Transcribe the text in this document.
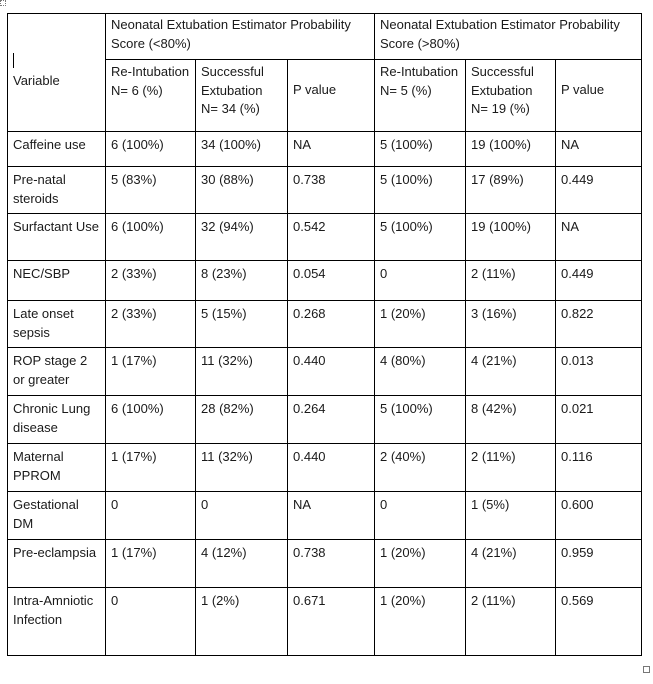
Variable	Neonatal Extubation Estimator Probability Score (<80%)			Neonatal Extubation Estimator Probability Score (>80%)		
	Re-Intubation N= 6 (%)	Successful Extubation N= 34 (%)	P value	Re-Intubation N= 5 (%)	Successful Extubation N= 19 (%)	P value

Caffeine use	6 (100%)	34 (100%)	NA	5 (100%)	19 (100%)	NA
Pre-natal steroids	5 (83%)	30 (88%)	0.738	5 (100%)	17 (89%)	0.449
Surfactant Use	6 (100%)	32 (94%)	0.542	5 (100%)	19 (100%)	NA
NEC/SBP	2 (33%)	8 (23%)	0.054	0	2 (11%)	0.449
Late onset sepsis	2 (33%)	5 (15%)	0.268	1 (20%)	3 (16%)	0.822
ROP stage 2 or greater	1 (17%)	11 (32%)	0.440	4 (80%)	4 (21%)	0.013
Chronic Lung disease	6 (100%)	28 (82%)	0.264	5 (100%)	8 (42%)	0.021
Maternal PPROM	1 (17%)	11 (32%)	0.440	2 (40%)	2 (11%)	0.116
Gestational DM	0	0	NA	0	1 (5%)	0.600
Pre-eclampsia	1 (17%)	4 (12%)	0.738	1 (20%)	4 (21%)	0.959
Intra-Amniotic Infection	0	1 (2%)	0.671	1 (20%)	2 (11%)	0.569
